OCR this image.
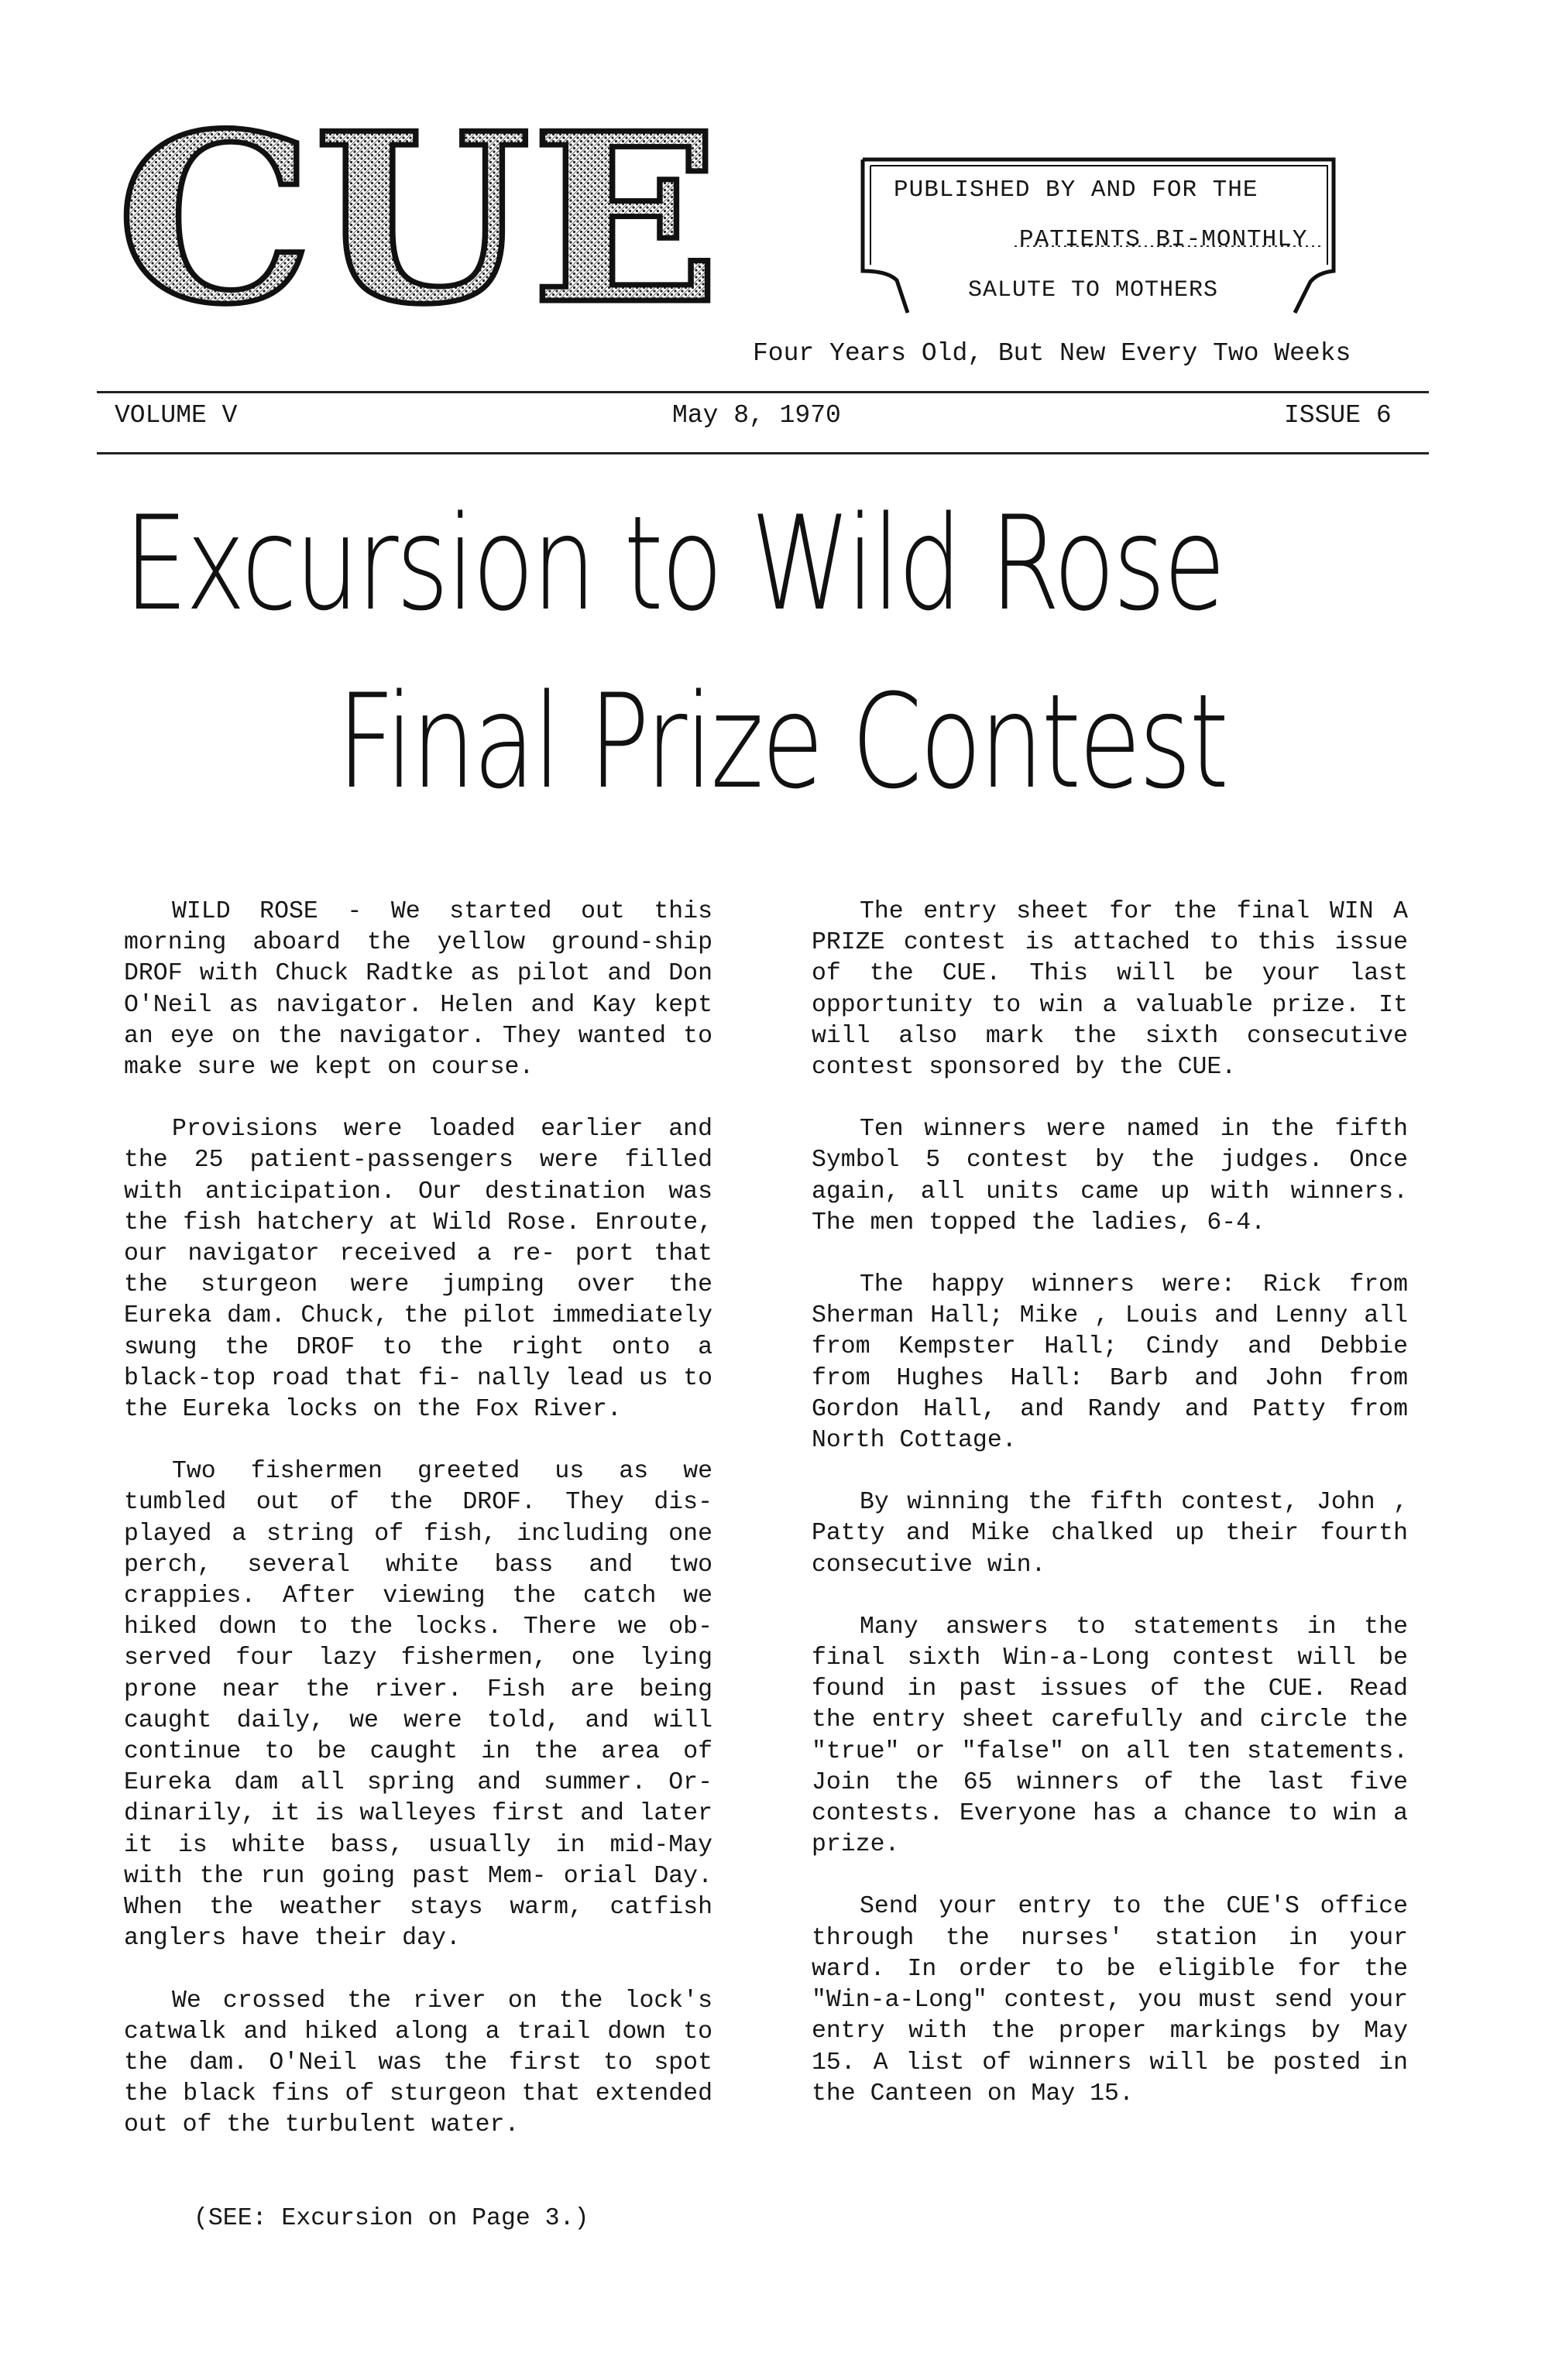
CUE	PUBLISHED BY AND FOR THE
PATIENTS BI-MONTHLY
SALUTE TO MOTHERS
Four Years Old, But New Every Two Weeks
VOLUME V	May 8, 1970	ISSUE 6
Excursion to Wild Rose
Final Prize Contest

WILD ROSE - We started out this morning aboard the yellow ground-ship DROF with Chuck Radtke as pilot and Don O'Neil as navigator. Helen and Kay kept an eye on the navigator. They wanted to make sure we kept on course.

Provisions were loaded earlier and the 25 patient-passengers were filled with anticipation. Our destination was the fish hatchery at Wild Rose. Enroute, our navigator received a re- port that the sturgeon were jumping over the Eureka dam. Chuck, the pilot immediately swung the DROF to the right onto a black-top road that fi- nally lead us to the Eureka locks on the Fox River.

Two fishermen greeted us as we tumbled out of the DROF. They dis- played a string of fish, including one perch, several white bass and two crappies. After viewing the catch we hiked down to the locks. There we ob- served four lazy fishermen, one lying prone near the river. Fish are being caught daily, we were told, and will continue to be caught in the area of Eureka dam all spring and summer. Or- dinarily, it is walleyes first and later it is white bass, usually in mid-May with the run going past Mem- orial Day. When the weather stays warm, catfish anglers have their day.

We crossed the river on the lock's catwalk and hiked along a trail down to the dam. O'Neil was the first to spot the black fins of sturgeon that extended out of the turbulent water.

(SEE: Excursion on Page 3.)

The entry sheet for the final WIN A PRIZE contest is attached to this issue of the CUE. This will be your last opportunity to win a valuable prize. It will also mark the sixth consecutive contest sponsored by the CUE.

Ten winners were named in the fifth Symbol 5 contest by the judges. Once again, all units came up with winners. The men topped the ladies, 6-4.

The happy winners were: Rick from Sherman Hall; Mike , Louis and Lenny all from Kempster Hall; Cindy and Debbie from Hughes Hall: Barb and John from Gordon Hall, and Randy and Patty from North Cottage.

By winning the fifth contest, John , Patty and Mike chalked up their fourth consecutive win.

Many answers to statements in the final sixth Win-a-Long contest will be found in past issues of the CUE. Read the entry sheet carefully and circle the "true" or "false" on all ten statements. Join the 65 winners of the last five contests. Everyone has a chance to win a prize.

Send your entry to the CUE'S office through the nurses' station in your ward. In order to be eligible for the "Win-a-Long" contest, you must send your entry with the proper markings by May 15. A list of winners will be posted in the Canteen on May 15.
